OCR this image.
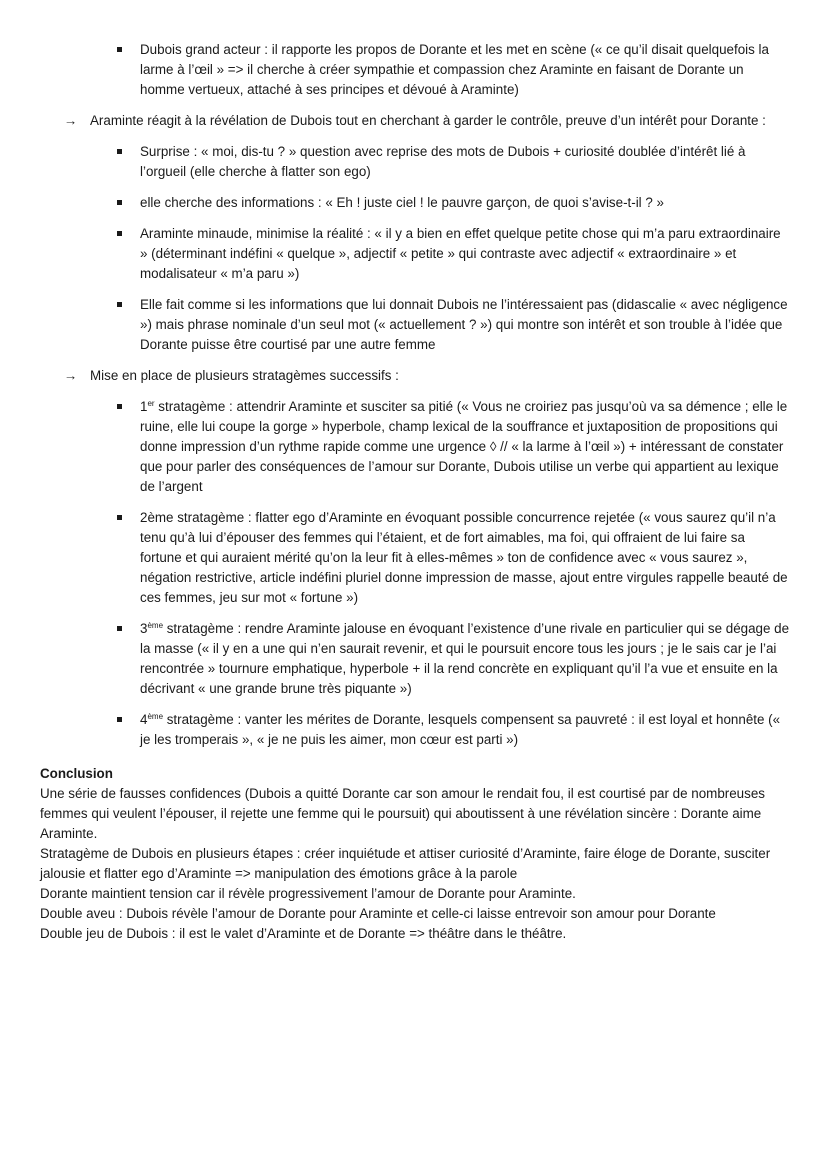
Dubois grand acteur : il rapporte les propos de Dorante et les met en scène (« ce qu’il disait quelquefois la larme à l’œil » => il cherche à créer sympathie et compassion chez Araminte en faisant de Dorante un homme vertueux, attaché à ses principes et dévoué à Araminte)
→ Araminte réagit à la révélation de Dubois tout en cherchant à garder le contrôle, preuve d’un intérêt pour Dorante :
Surprise : « moi, dis-tu ? » question avec reprise des mots de Dubois + curiosité doublée d’intérêt lié à l’orgueil (elle cherche à flatter son ego)
elle cherche des informations : « Eh ! juste ciel ! le pauvre garçon, de quoi s’avise-t-il ? »
Araminte minaude, minimise la réalité : « il y a bien en effet quelque petite chose qui m’a paru extraordinaire » (déterminant indéfini « quelque », adjectif « petite » qui contraste avec adjectif « extraordinaire » et modalisateur « m’a paru »)
Elle fait comme si les informations que lui donnait Dubois ne l’intéressaient pas (didascalie « avec négligence ») mais phrase nominale d’un seul mot (« actuellement ? ») qui montre son intérêt et son trouble à l’idée que Dorante puisse être courtisé par une autre femme
→ Mise en place de plusieurs stratagèmes successifs :
1er stratagème : attendrir Araminte et susciter sa pitié (« Vous ne croiriez pas jusqu’où va sa démence ; elle le ruine, elle lui coupe la gorge » hyperbole, champ lexical de la souffrance et juxtaposition de propositions qui donne impression d’un rythme rapide comme une urgence ◊ // « la larme à l’œil ») + intéressant de constater que pour parler des conséquences de l’amour sur Dorante, Dubois utilise un verbe qui appartient au lexique de l’argent
2ème stratagème : flatter ego d’Araminte en évoquant possible concurrence rejetée (« vous saurez qu’il n’a tenu qu’à lui d’épouser des femmes qui l’étaient, et de fort aimables, ma foi, qui offraient de lui faire sa fortune et qui auraient mérité qu’on la leur fit à elles-mêmes » ton de confidence avec « vous saurez », négation restrictive, article indéfini pluriel donne impression de masse, ajout entre virgules rappelle beauté de ces femmes, jeu sur mot « fortune »)
3ème stratagème : rendre Araminte jalouse en évoquant l’existence d’une rivale en particulier qui se dégage de la masse (« il y en a une qui n’en saurait revenir, et qui le poursuit encore tous les jours ; je le sais car je l’ai rencontrée » tournure emphatique, hyperbole + il la rend concrète en expliquant qu’il l’a vue et ensuite en la décrivant « une grande brune très piquante »)
4ème stratagème : vanter les mérites de Dorante, lesquels compensent sa pauvreté : il est loyal et honnête (« je les tromperais », « je ne puis les aimer, mon cœur est parti »)
Conclusion

Une série de fausses confidences (Dubois a quitté Dorante car son amour le rendait fou, il est courtisé par de nombreuses femmes qui veulent l’épouser, il rejette une femme qui le poursuit) qui aboutissent à une révélation sincère : Dorante aime Araminte.

Stratagème de Dubois en plusieurs étapes : créer inquiétude et attiser curiosité d’Araminte, faire éloge de Dorante, susciter jalousie et flatter ego d’Araminte => manipulation des émotions grâce à la parole

Dorante maintient tension car il révèle progressivement l’amour de Dorante pour Araminte.

Double aveu : Dubois révèle l’amour de Dorante pour Araminte et celle-ci laisse entrevoir son amour pour Dorante

Double jeu de Dubois : il est le valet d’Araminte et de Dorante => théâtre dans le théâtre.
